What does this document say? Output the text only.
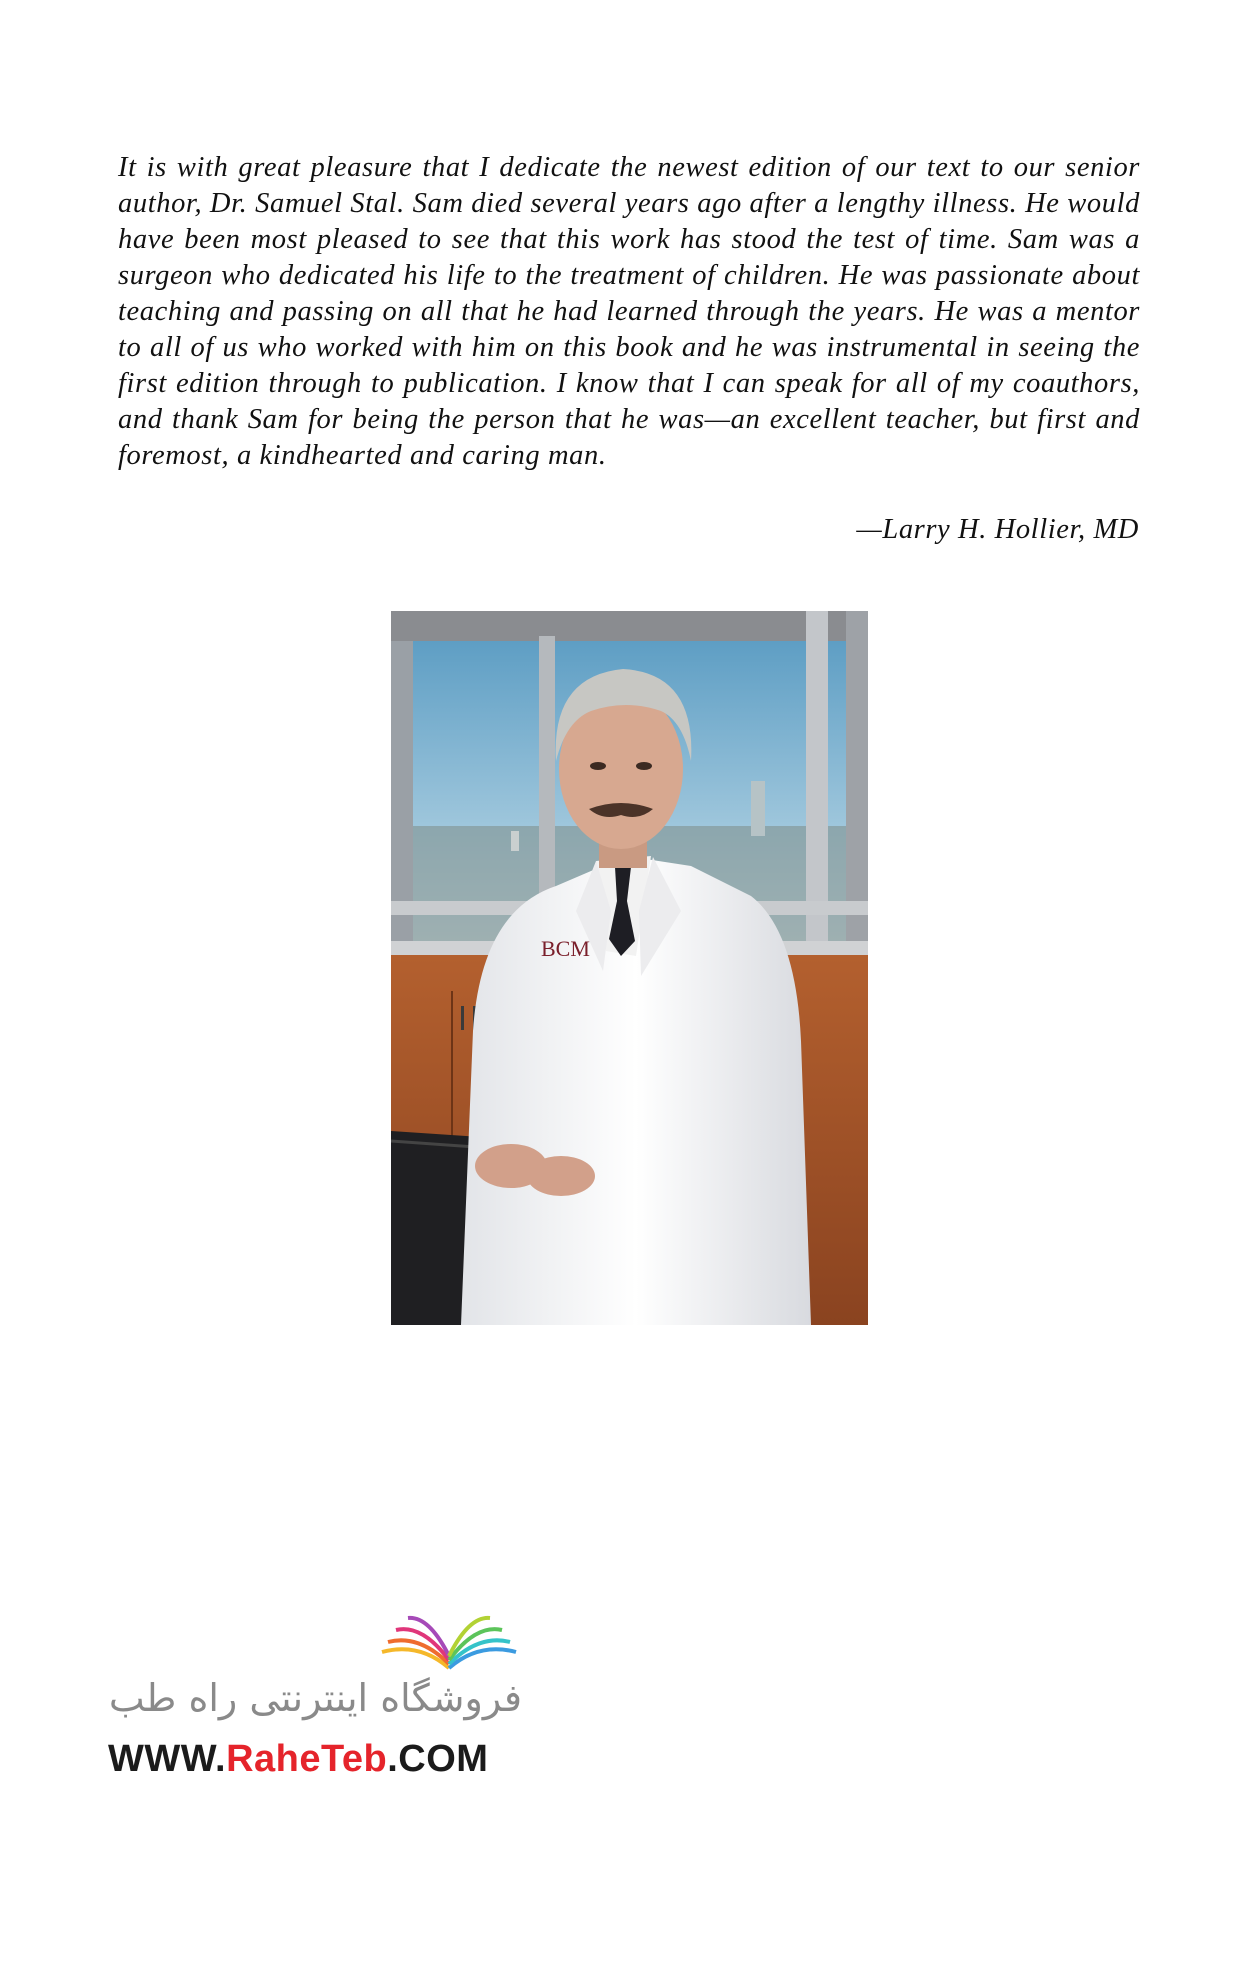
It is with great pleasure that I dedicate the newest edition of our text to our senior author, Dr. Samuel Stal. Sam died several years ago after a lengthy illness. He would have been most pleased to see that this work has stood the test of time. Sam was a surgeon who dedicated his life to the treatment of children. He was passionate about teaching and passing on all that he had learned through the years. He was a mentor to all of us who worked with him on this book and he was instrumental in seeing the first edition through to publication. I know that I can speak for all of my coauthors, and thank Sam for being the person that he was—an excellent teacher, but first and foremost, a kindhearted and caring man.

—Larry H. Hollier, MD

BCM
فروشگاه اینترنتی راه طب
WWW.RaheTeb.COM
